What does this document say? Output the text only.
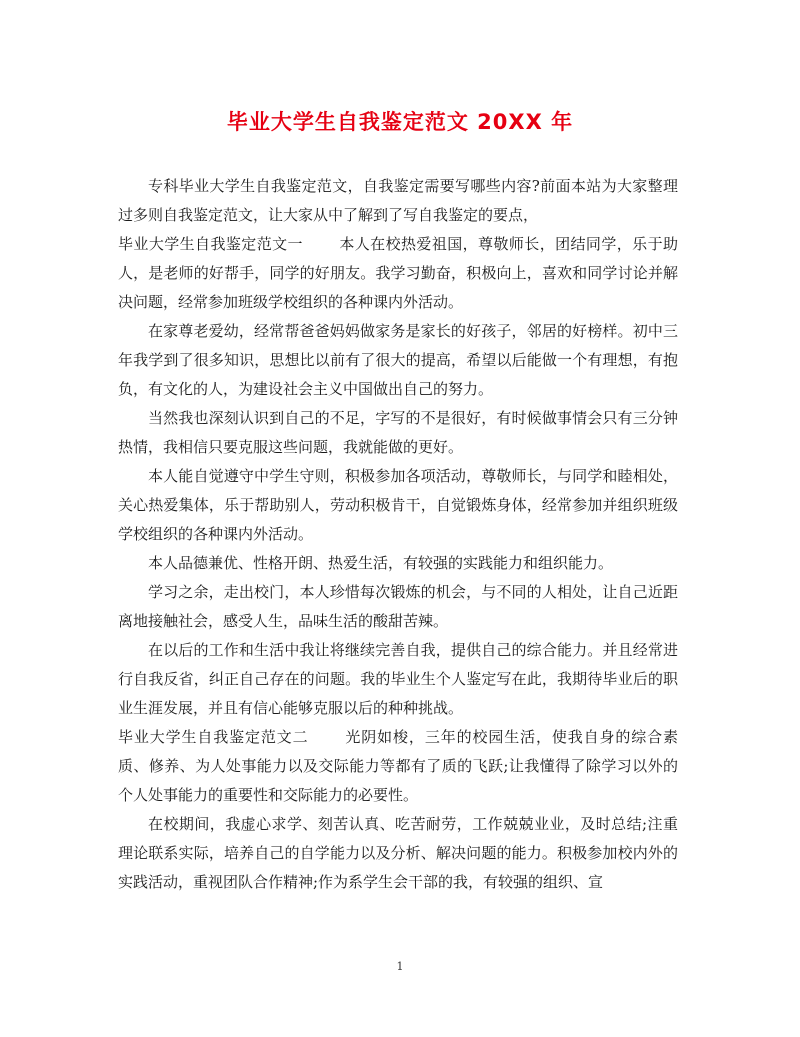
毕业大学生自我鉴定范文 20XX 年

专科毕业大学生自我鉴定范文，自我鉴定需要写哪些内容?前面本站为大家整理过多则自我鉴定范文，让大家从中了解到了写自我鉴定的要点，

毕业大学生自我鉴定范文一 本人在校热爱祖国，尊敬师长，团结同学，乐于助人，是老师的好帮手，同学的好朋友。我学习勤奋，积极向上，喜欢和同学讨论并解决问题，经常参加班级学校组织的各种课内外活动。

在家尊老爱幼，经常帮爸爸妈妈做家务是家长的好孩子，邻居的好榜样。初中三年我学到了很多知识，思想比以前有了很大的提高，希望以后能做一个有理想，有抱负，有文化的人，为建设社会主义中国做出自己的努力。

当然我也深刻认识到自己的不足，字写的不是很好，有时候做事情会只有三分钟热情，我相信只要克服这些问题，我就能做的更好。

本人能自觉遵守中学生守则，积极参加各项活动，尊敬师长，与同学和睦相处，关心热爱集体，乐于帮助别人，劳动积极肯干，自觉锻炼身体，经常参加并组织班级学校组织的各种课内外活动。

本人品德兼优、性格开朗、热爱生活，有较强的实践能力和组织能力。

学习之余，走出校门，本人珍惜每次锻炼的机会，与不同的人相处，让自己近距离地接触社会，感受人生，品味生活的酸甜苦辣。

在以后的工作和生活中我让将继续完善自我，提供自己的综合能力。并且经常进行自我反省，纠正自己存在的问题。我的毕业生个人鉴定写在此，我期待毕业后的职业生涯发展，并且有信心能够克服以后的种种挑战。

毕业大学生自我鉴定范文二 光阴如梭，三年的校园生活，使我自身的综合素质、修养、为人处事能力以及交际能力等都有了质的飞跃;让我懂得了除学习以外的个人处事能力的重要性和交际能力的必要性。

在校期间，我虚心求学、刻苦认真、吃苦耐劳，工作兢兢业业，及时总结;注重理论联系实际，培养自己的自学能力以及分析、解决问题的能力。积极参加校内外的实践活动，重视团队合作精神;作为系学生会干部的我，有较强的组织、宣

1
